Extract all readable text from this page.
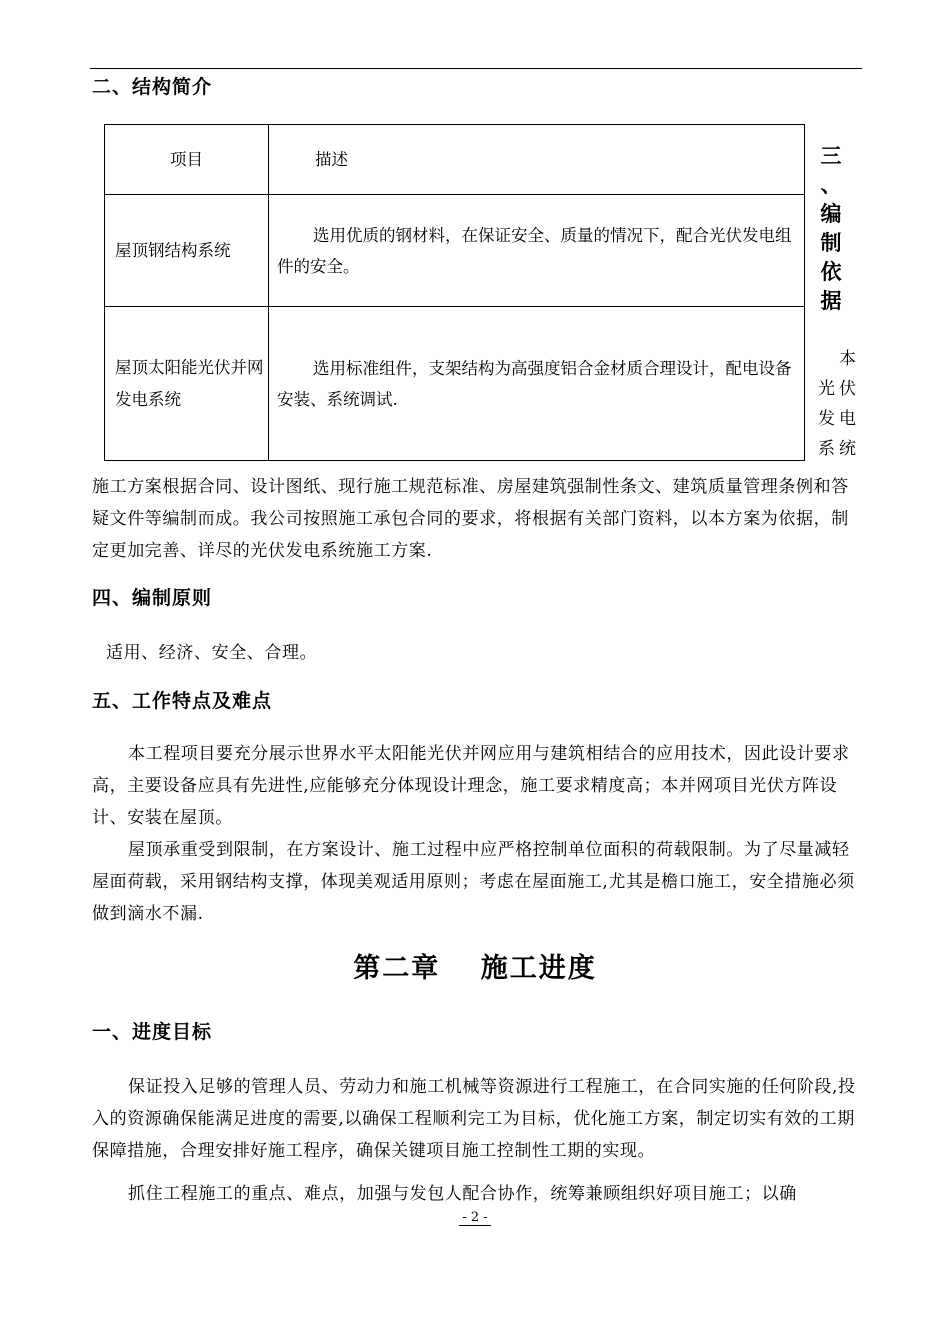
二、结构简介
项目	描述
屋顶钢结构系统	选用优质的钢材料，在保证安全、质量的情况下，配合光伏发电组件的安全。
屋顶太阳能光伏并网发电系统	选用标准组件，支架结构为高强度铝合金材质合理设计，配电设备安装、系统调试.
三
、
编
制
依
据
本
光伏
发电
系统
施工方案根据合同、设计图纸、现行施工规范标准、房屋建筑强制性条文、建筑质量管理条例和答疑文件等编制而成。我公司按照施工承包合同的要求，将根据有关部门资料，以本方案为依据，制定更加完善、详尽的光伏发电系统施工方案.
四、编制原则
适用、经济、安全、合理。
五、工作特点及难点
本工程项目要充分展示世界水平太阳能光伏并网应用与建筑相结合的应用技术，因此设计要求高，主要设备应具有先进性,应能够充分体现设计理念，施工要求精度高；本并网项目光伏方阵设计、安装在屋顶。
屋顶承重受到限制，在方案设计、施工过程中应严格控制单位面积的荷载限制。为了尽量减轻屋面荷载，采用钢结构支撑，体现美观适用原则；考虑在屋面施工,尤其是檐口施工，安全措施必须做到滴水不漏.
第二章　 施工进度
一、进度目标
保证投入足够的管理人员、劳动力和施工机械等资源进行工程施工，在合同实施的任何阶段,投入的资源确保能满足进度的需要,以确保工程顺利完工为目标，优化施工方案，制定切实有效的工期保障措施，合理安排好施工程序，确保关键项目施工控制性工期的实现。
抓住工程施工的重点、难点，加强与发包人配合协作，统筹兼顾组织好项目施工；以确
- 2 -
